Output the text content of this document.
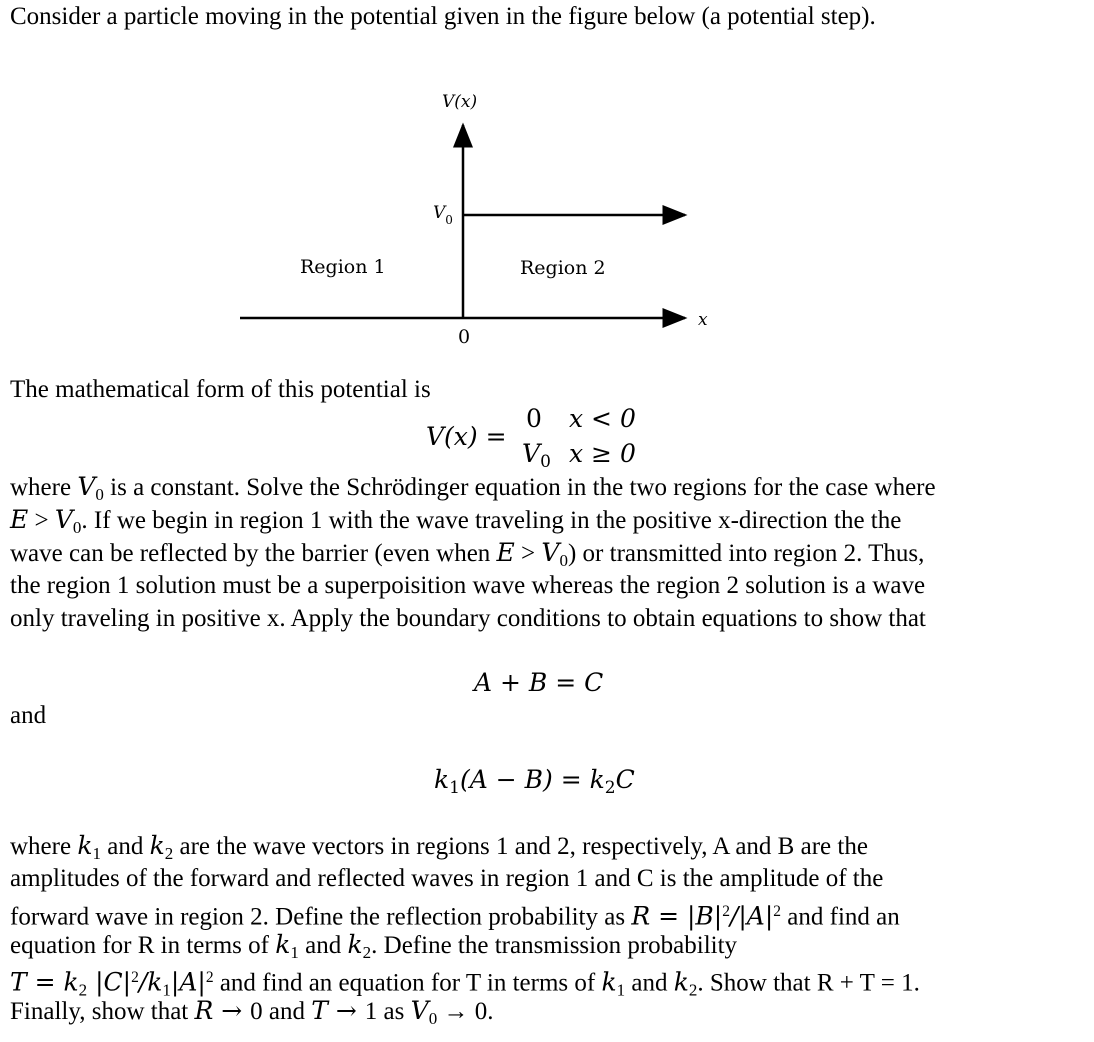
Consider a particle moving in the potential given in the figure below (a potential step).
V(x)
$V_0$
Region 1	Region 2
x
0
The mathematical form of this potential is
V(x) =
0 x < 0
$V_0$ x ≥ 0
where $V_0$ is a constant. Solve the Schrödinger equation in the two regions for the case where
$E > V_0$. If we begin in region 1 with the wave traveling in the positive x-direction the the
wave can be reflected by the barrier (even when $E > V_0$) or transmitted into region 2. Thus,
the region 1 solution must be a superpoisition wave whereas the region 2 solution is a wave
only traveling in positive x. Apply the boundary conditions to obtain equations to show that
A + B = C
and
$k_1(A - B) = k_2C$
where $k_1$ and $k_2$ are the wave vectors in regions 1 and 2, respectively, A and B are the
amplitudes of the forward and reflected waves in region 1 and C is the amplitude of the
forward wave in region 2. Define the reflection probability as $R = |B|^2/|A|^2$ and find an
equation for R in terms of $k_1$ and $k_2$. Define the transmission probability
$T = k_2$ $|C|^2/k_1|A|^2$ and find an equation for T in terms of $k_1$ and $k_2$. Show that R + T = 1.
Finally, show that R → 0 and T → 1 as $V_0 \to 0$.
